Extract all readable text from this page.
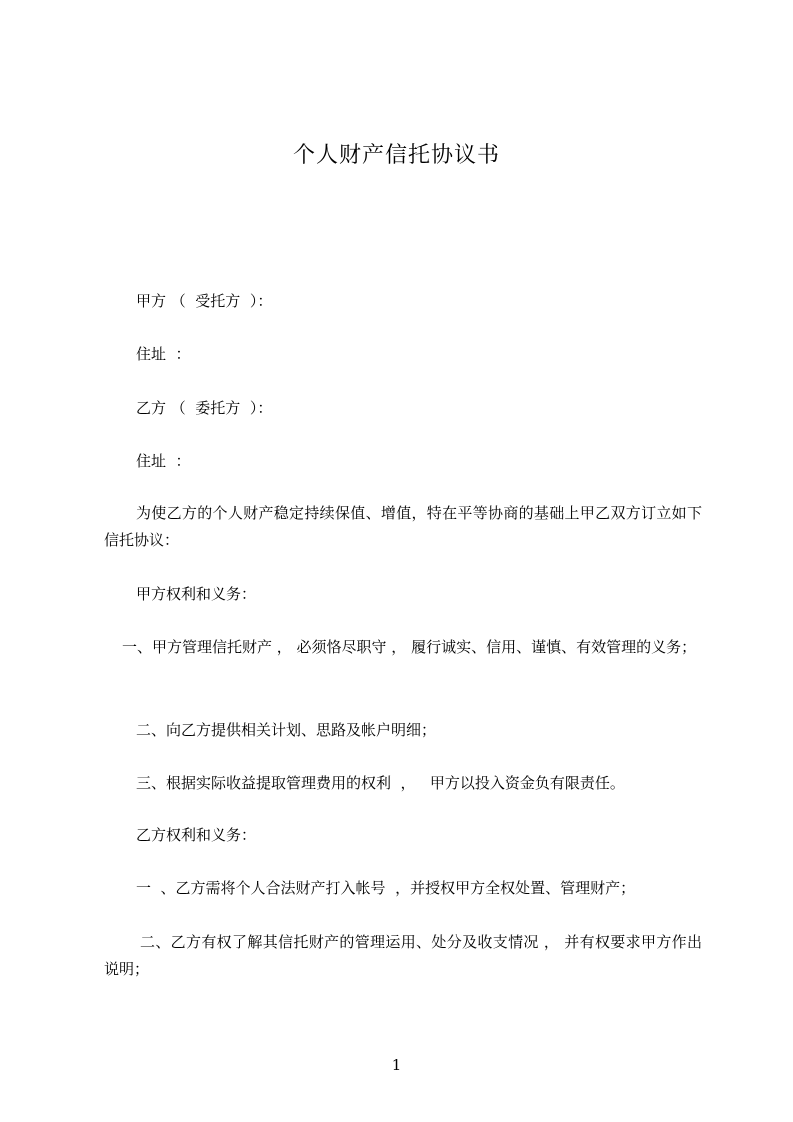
个人财产信托协议书
甲方 （  受托方  ）：
住址  ：
乙方 （  委托方  ）：
住址  ：
为使乙方的个人财产稳定持续保值、增值，特在平等协商的基础上甲乙双方订立如下信托协议：
甲方权利和义务：
一、甲方管理信托财产 ， 必须恪尽职守 ， 履行诚实、信用、谨慎、有效管理的义务；
二、向乙方提供相关计划、思路及帐户明细；
三、根据实际收益提取管理费用的权利  ，   甲方以投入资金负有限责任。
乙方权利和义务：
一  、乙方需将个人合法财产打入帐号  ，并授权甲方全权处置、管理财产；
二、乙方有权了解其信托财产的管理运用、处分及收支情况 ， 并有权要求甲方作出 说明；
1
